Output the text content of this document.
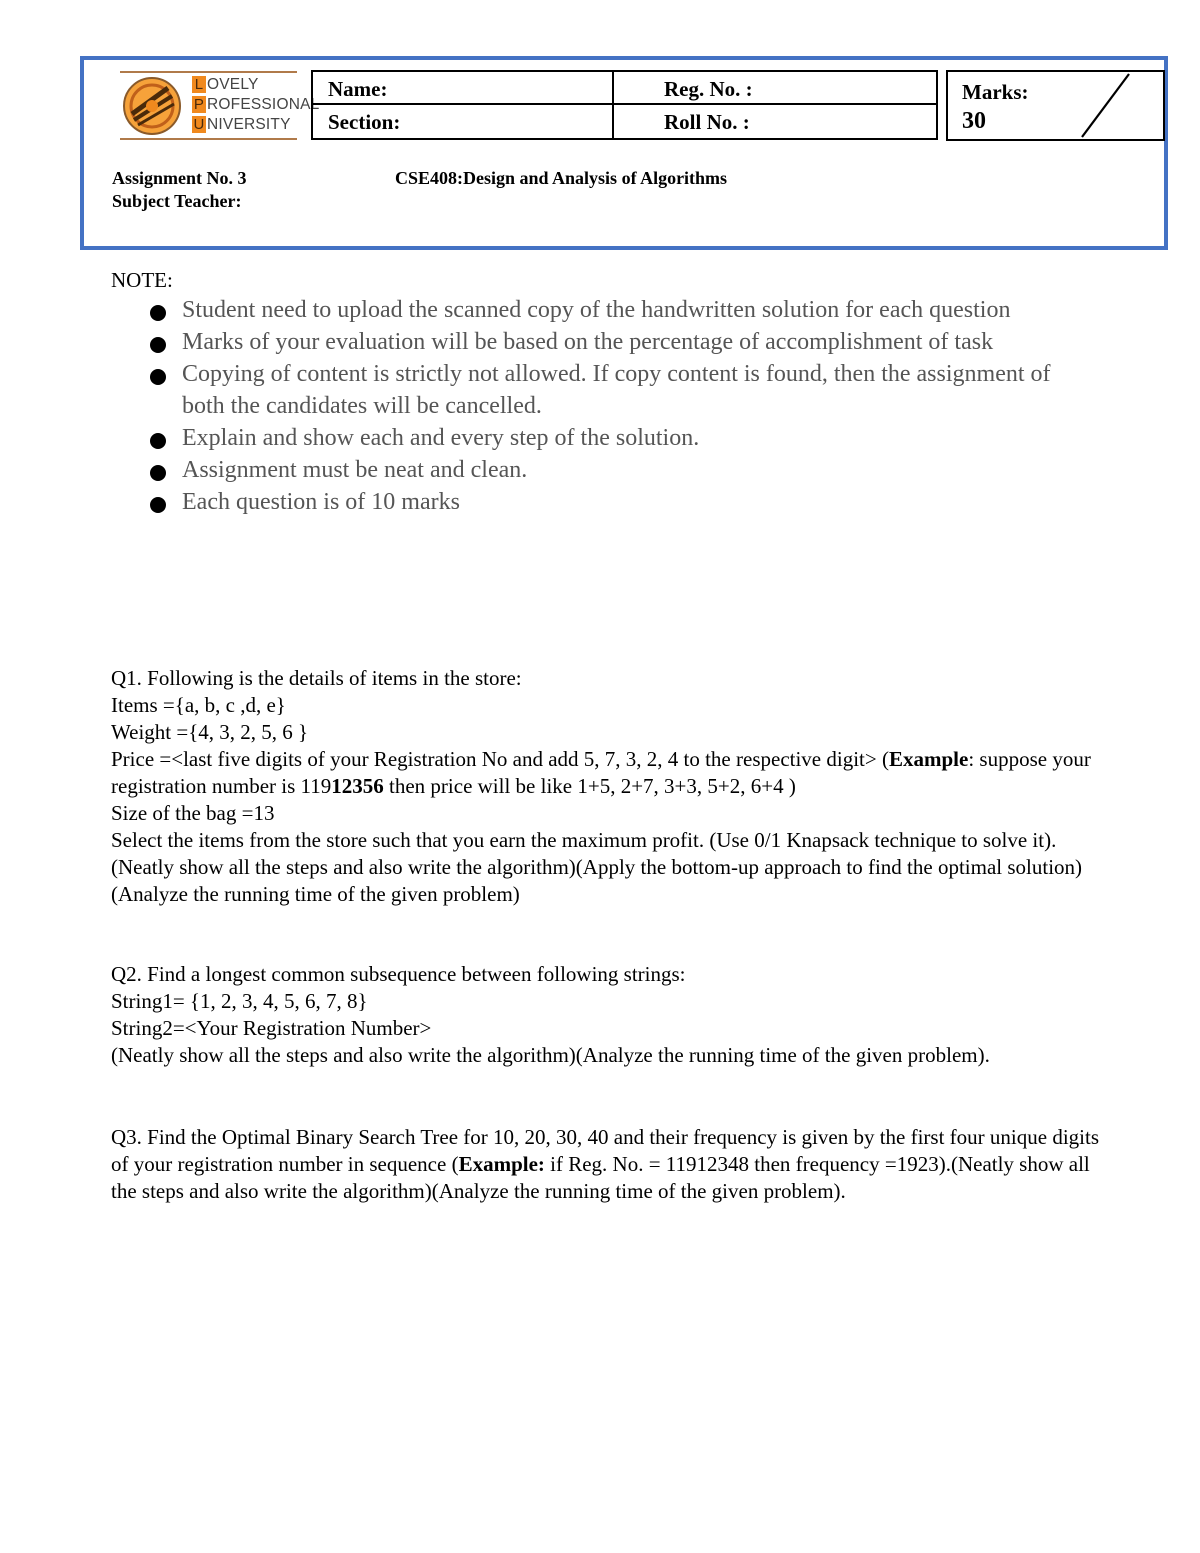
L OVELY
P ROFESSIONAL
U NIVERSITY
Name:	Reg. No. :
Section:	Roll No. :
Marks:
30
Assignment No. 3
Subject Teacher:
CSE408:Design and Analysis of Algorithms
NOTE:
Student need to upload the scanned copy of the handwritten solution for each question
Marks of your evaluation will be based on the percentage of accomplishment of task
Copying of content is strictly not allowed. If copy content is found, then the assignment of both the candidates will be cancelled.
Explain and show each and every step of the solution.
Assignment must be neat and clean.
Each question is of 10 marks

Q1. Following is the details of items in the store:

Items ={a, b, c ,d, e}

Weight ={4, 3, 2, 5, 6 }

Price =<last five digits of your Registration No and add 5, 7, 3, 2, 4 to the respective digit> (Example: suppose your registration number is 11912356 then price will be like 1+5, 2+7, 3+3, 5+2, 6+4 )

Size of the bag =13

Select the items from the store such that you earn the maximum profit. (Use 0/1 Knapsack technique to solve it).(Neatly show all the steps and also write the algorithm)(Apply the bottom-up approach to find the optimal solution)(Analyze the running time of the given problem)

Q2. Find a longest common subsequence between following strings:

String1= {1, 2, 3, 4, 5, 6, 7, 8}

String2=<Your Registration Number>

(Neatly show all the steps and also write the algorithm)(Analyze the running time of the given problem).

Q3. Find the Optimal Binary Search Tree for 10, 20, 30, 40 and their frequency is given by the first four unique digits of your registration number in sequence (Example: if Reg. No. = 11912348 then frequency =1923).(Neatly show all the steps and also write the algorithm)(Analyze the running time of the given problem).
